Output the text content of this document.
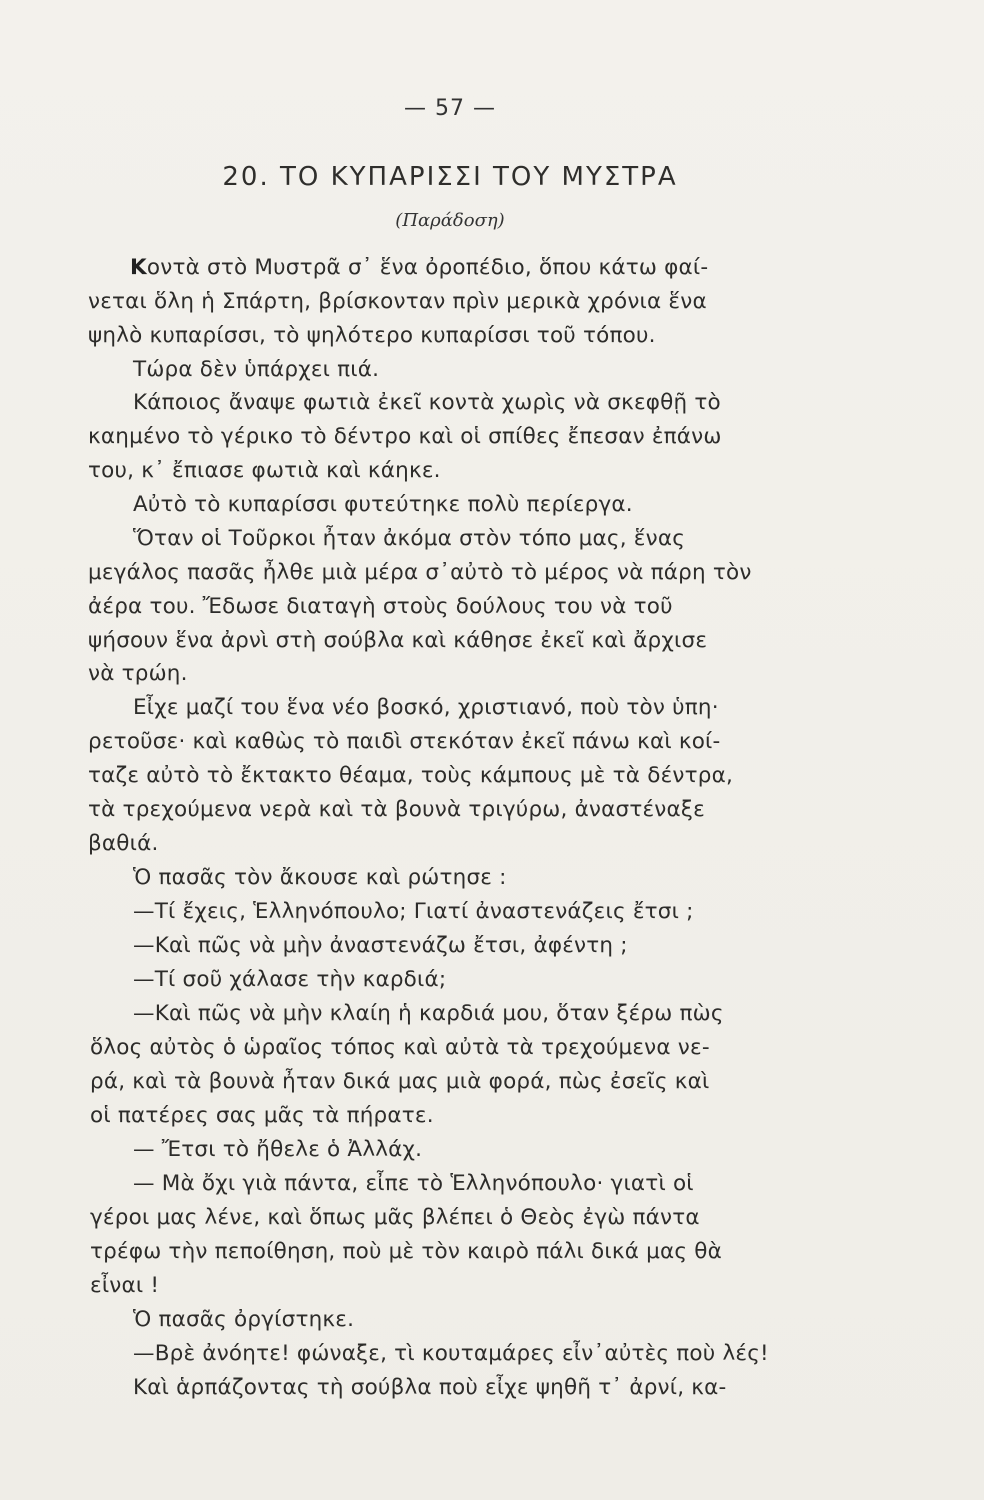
— 57 —
20. ΤΟ ΚΥΠΑΡΙΣΣΙ ΤΟΥ ΜΥΣΤΡΑ
(Παράδοση)
Κοντὰ στὸ Μυστρᾶ σ᾿ ἕνα ὀροπέδιο, ὅπου κάτω φαί-
νεται ὅλη ἡ Σπάρτη, βρίσκονταν πρὶν μερικὰ χρόνια ἕνα
ψηλὸ κυπαρίσσι, τὸ ψηλότερο κυπαρίσσι τοῦ τόπου.
Τώρα δὲν ὑπάρχει πιά.
Κάποιος ἄναψε φωτιὰ ἐκεῖ κοντὰ χωρὶς νὰ σκεφθῇ τὸ
καημένο τὸ γέρικο τὸ δέντρο καὶ οἱ σπίθες ἔπεσαν ἐπάνω
του, κ᾿ ἔπιασε φωτιὰ καὶ κάηκε.
Αὐτὸ τὸ κυπαρίσσι φυτεύτηκε πολὺ περίεργα.
Ὅταν οἱ Τοῦρκοι ἦταν ἀκόμα στὸν τόπο μας, ἕνας
μεγάλος πασᾶς ἦλθε μιὰ μέρα σ᾿αὐτὸ τὸ μέρος νὰ πάρη τὸν
ἀέρα του. Ἔδωσε διαταγὴ στοὺς δούλους του νὰ τοῦ
ψήσουν ἕνα ἀρνὶ στὴ σούβλα καὶ κάθησε ἐκεῖ καὶ ἄρχισε
νὰ τρώη.
Εἶχε μαζί του ἕνα νέο βοσκό, χριστιανό, ποὺ τὸν ὑπη·
ρετοῦσε· καὶ καθὼς τὸ παιδὶ στεκόταν ἐκεῖ πάνω καὶ κοί-
ταζε αὐτὸ τὸ ἔκτακτο θέαμα, τοὺς κάμπους μὲ τὰ δέντρα,
τὰ τρεχούμενα νερὰ καὶ τὰ βουνὰ τριγύρω, ἀναστέναξε
βαθιά.
Ὁ πασᾶς τὸν ἄκουσε καὶ ρώτησε :
—Τί ἔχεις, Ἑλληνόπουλο; Γιατί ἀναστενάζεις ἔτσι ;
—Καὶ πῶς νὰ μὴν ἀναστενάζω ἔτσι, ἀφέντη ;
—Τί σοῦ χάλασε τὴν καρδιά;
—Καὶ πῶς νὰ μὴν κλαίη ἡ καρδιά μου, ὅταν ξέρω πὼς
ὅλος αὐτὸς ὁ ὡραῖος τόπος καὶ αὐτὰ τὰ τρεχούμενα νε-
ρά, καὶ τὰ βουνὰ ἦταν δικά μας μιὰ φορά, πὼς ἐσεῖς καὶ
οἱ πατέρες σας μᾶς τὰ πήρατε.
— Ἔτσι τὸ ἤθελε ὁ Ἀλλάχ.
— Μὰ ὄχι γιὰ πάντα, εἶπε τὸ Ἑλληνόπουλο· γιατὶ οἱ
γέροι μας λένε, καὶ ὅπως μᾶς βλέπει ὁ Θεὸς ἐγὼ πάντα
τρέφω τὴν πεποίθηση, ποὺ μὲ τὸν καιρὸ πάλι δικά μας θὰ
εἶναι !
Ὁ πασᾶς ὀργίστηκε.
—Βρὲ ἀνόητε! φώναξε, τὶ κουταμάρες εἶν᾿αὐτὲς ποὺ λές!
Καὶ ἁρπάζοντας τὴ σούβλα ποὺ εἶχε ψηθῆ τ᾿ ἀρνί, κα-
